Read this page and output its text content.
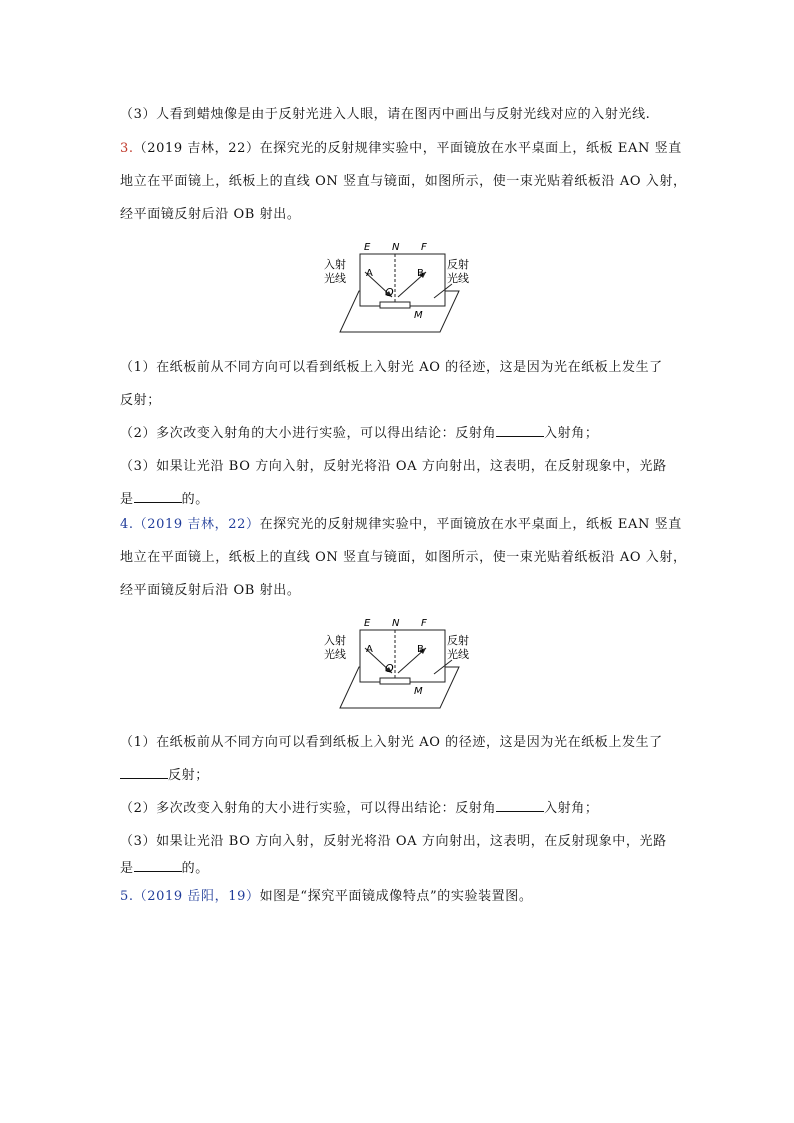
（3）人看到蜡烛像是由于反射光进入人眼，请在图丙中画出与反射光线对应的入射光线.
3.（2019 吉林，22）在探究光的反射规律实验中，平面镜放在水平桌面上，纸板 EAN 竖直
地立在平面镜上，纸板上的直线 ON 竖直与镜面，如图所示，使一束光贴着纸板沿 AO 入射，
经平面镜反射后沿 OB 射出。
E N F
A	B
O
M
入射
光线
反射
光线
（1）在纸板前从不同方向可以看到纸板上入射光 AO 的径迹，这是因为光在纸板上发生了
反射；
（2）多次改变入射角的大小进行实验，可以得出结论：反射角	入射角；
（3）如果让光沿 BO 方向入射，反射光将沿 OA 方向射出，这表明，在反射现象中，光路
是	的。
4.（2019 吉林，22）在探究光的反射规律实验中，平面镜放在水平桌面上，纸板 EAN 竖直
地立在平面镜上，纸板上的直线 ON 竖直与镜面，如图所示，使一束光贴着纸板沿 AO 入射，
经平面镜反射后沿 OB 射出。
E N F
A	B
O
M
入射
光线
反射
光线
（1）在纸板前从不同方向可以看到纸板上入射光 AO 的径迹，这是因为光在纸板上发生了
反射；
（2）多次改变入射角的大小进行实验，可以得出结论：反射角	入射角；
（3）如果让光沿 BO 方向入射，反射光将沿 OA 方向射出，这表明，在反射现象中，光路
是	的。
5.（2019 岳阳，19）如图是“探究平面镜成像特点”的实验装置图。
